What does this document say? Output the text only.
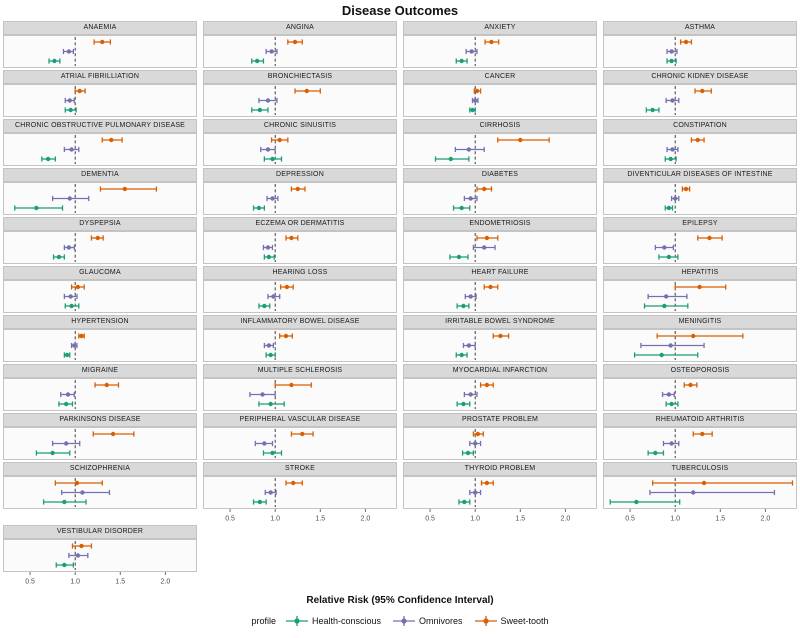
Disease Outcomes
ANAEMIA	ANGINA	ANXIETY	ASTHMA
ATRIAL FIBRILLIATION	BRONCHIECTASIS	CANCER	CHRONIC KIDNEY DISEASE
CHRONIC OBSTRUCTIVE PULMONARY DISEASE	CHRONIC SINUSITIS	CIRRHOSIS	CONSTIPATION
DEMENTIA	DEPRESSION	DIABETES	DIVENTICULAR DISEASES OF INTESTINE
DYSPEPSIA	ECZEMA OR DERMATITIS	ENDOMETRIOSIS	EPILEPSY
GLAUCOMA	HEARING LOSS	HEART FAILURE	HEPATITIS
HYPERTENSION	INFLAMMATORY BOWEL DISEASE	IRRITABLE BOWEL SYNDROME	MENINGITIS
MIGRAINE	MULTIPLE SCHLEROSIS	MYOCARDIAL INFARCTION	OSTEOPOROSIS
PARKINSONS DISEASE	PERIPHERAL VASCULAR DISEASE	PROSTATE PROBLEM	RHEUMATOID ARTHRITIS
SCHIZOPHRENIA	STROKE
0.5	1.0	1.5	2.0
THYROID PROBLEM
0.5	1.0	1.5	2.0
TUBERCULOSIS
0.5	1.0	1.5	2.0
VESTIBULAR DISORDER
0.5	1.0	1.5	2.0
Relative Risk (95% Confidence Interval)
profile	Health-conscious	Omnivores	Sweet-tooth
